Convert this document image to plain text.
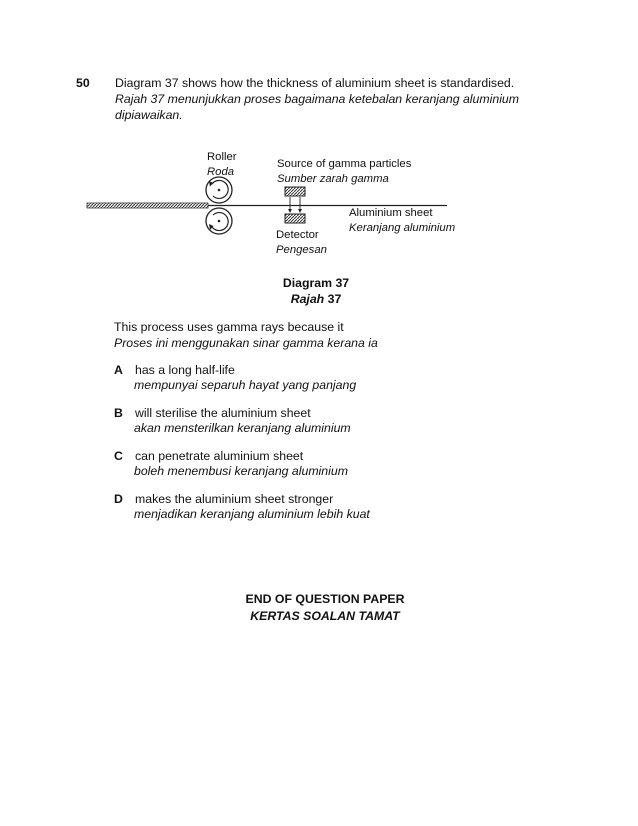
50 Diagram 37 shows how the thickness of aluminium sheet is standardised.
Rajah 37 menunjukkan proses bagaimana ketebalan keranjang aluminium
dipiawaikan.
Roller
Roda
Source of gamma particles
Sumber zarah gamma
Aluminium sheet
Keranjang aluminium
Detector
Pengesan
Diagram 37
Rajah 37
This process uses gamma rays because it
Proses ini menggunakan sinar gamma kerana ia
A has a long half-life
mempunyai separuh hayat yang panjang
B will sterilise the aluminium sheet
akan mensterilkan keranjang aluminium
C can penetrate aluminium sheet
boleh menembusi keranjang aluminium
D makes the aluminium sheet stronger
menjadikan keranjang aluminium lebih kuat
END OF QUESTION PAPER
KERTAS SOALAN TAMAT
